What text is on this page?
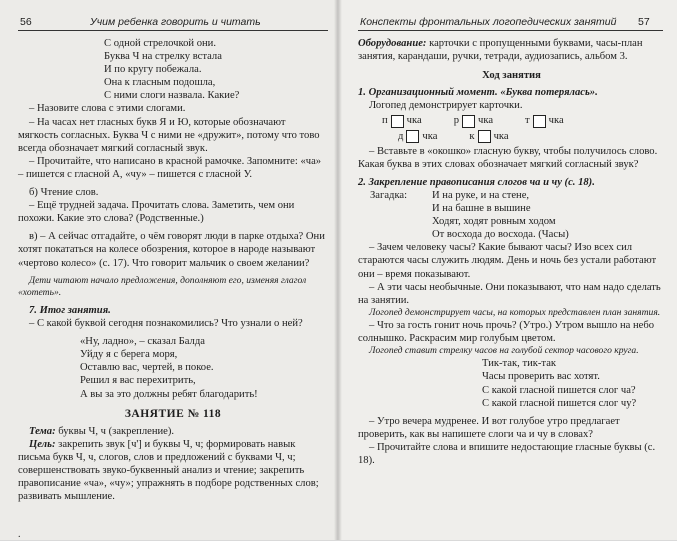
56	Учим ребенка говорить и читать

С одной стрелочкой они.

Буква Ч на стрелку встала

И по кругу побежала.

Она к гласным подошла,

С ними слоги назвала. Какие?

– Назовите слова с этими слогами.

– На часах нет гласных букв Я и Ю, которые обозначают мягкость согласных. Буква Ч с ними не «дружит», потому что тово всегда обозначает мягкий согласный звук.

– Прочитайте, что написано в красной рамочке. Запомните: «ча» – пишется с гласной А, «чу» – пишется с гласной У.

б) Чтение слов.

– Ещё трудней задача. Прочитать слова. Заметить, чем они похожи. Какие это слова? (Родственные.)

в) – А сейчас отгадайте, о чём говорят люди в парке отдыха? Они хотят покататься на колесе обозрения, которое в народе называют «чертово колесо» (с. 17). Что говорит мальчик о своем желании?

Дети читают начало предложения, дополняют его, изменяя глагол «хотеть».

7. Итог занятия.

– С какой буквой сегодня познакомились? Что узнали о ней?

«Ну, ладно», – сказал Балда

Уйду я с берега моря,

Оставлю вас, чертей, в покое.

Решил я вас перехитрить,

А вы за это должны ребят благодарить!

ЗАНЯТИЕ № 118

Тема: буквы Ч, ч (закрепление).

Цель: закрепить звук [ч'] и буквы Ч, ч; формировать навык письма букв Ч, ч, слогов, слов и предложений с буквами Ч, ч; совершенствовать звуко-буквенный анализ и чтение; закрепить правописание «ча», «чу»; упражнять в подборе родственных слов; развивать мышление.

.
Конспекты фронтальных логопедических занятий 57

Оборудование: карточки с пропущенными буквами, часы-план занятия, карандаши, ручки, тетради, аудиозапись, альбом 3.

Ход занятия

1. Организационный момент. «Буква потерялась».

Логопед демонстрирует карточки.

п чка	р чка	т чка
д чка	к чка

– Вставьте в «окошко» гласную букву, чтобы получилось слово. Какая буква в этих словах обозначает мягкий согласный звук?

2. Закрепление правописания слогов ча и чу (с. 18).

Загадка:	И на руке, и на стене,

И на башне в вышине

Ходят, ходят ровным ходом

От восхода до восхода. (Часы)

– Зачем человеку часы? Какие бывают часы? Изо всех сил стараются часы служить людям. День и ночь без устали работают они – время показывают.

– А эти часы необычные. Они показывают, что нам надо сделать на занятии.

Логопед демонстрирует часы, на которых представлен план занятия.

– Что за гость гонит ночь прочь? (Утро.) Утром вышло на небо солнышко. Раскрасим мир голубым цветом.

Логопед ставит стрелку часов на голубой сектор часового круга.

Тик-так, тик-так

Часы проверить вас хотят.

С какой гласной пишется слог ча?

С какой гласной пишется слог чу?

– Утро вечера мудренее. И вот голубое утро предлагает проверить, как вы напишете слоги ча и чу в словах?

– Прочитайте слова и впишите недостающие гласные буквы (с. 18).
